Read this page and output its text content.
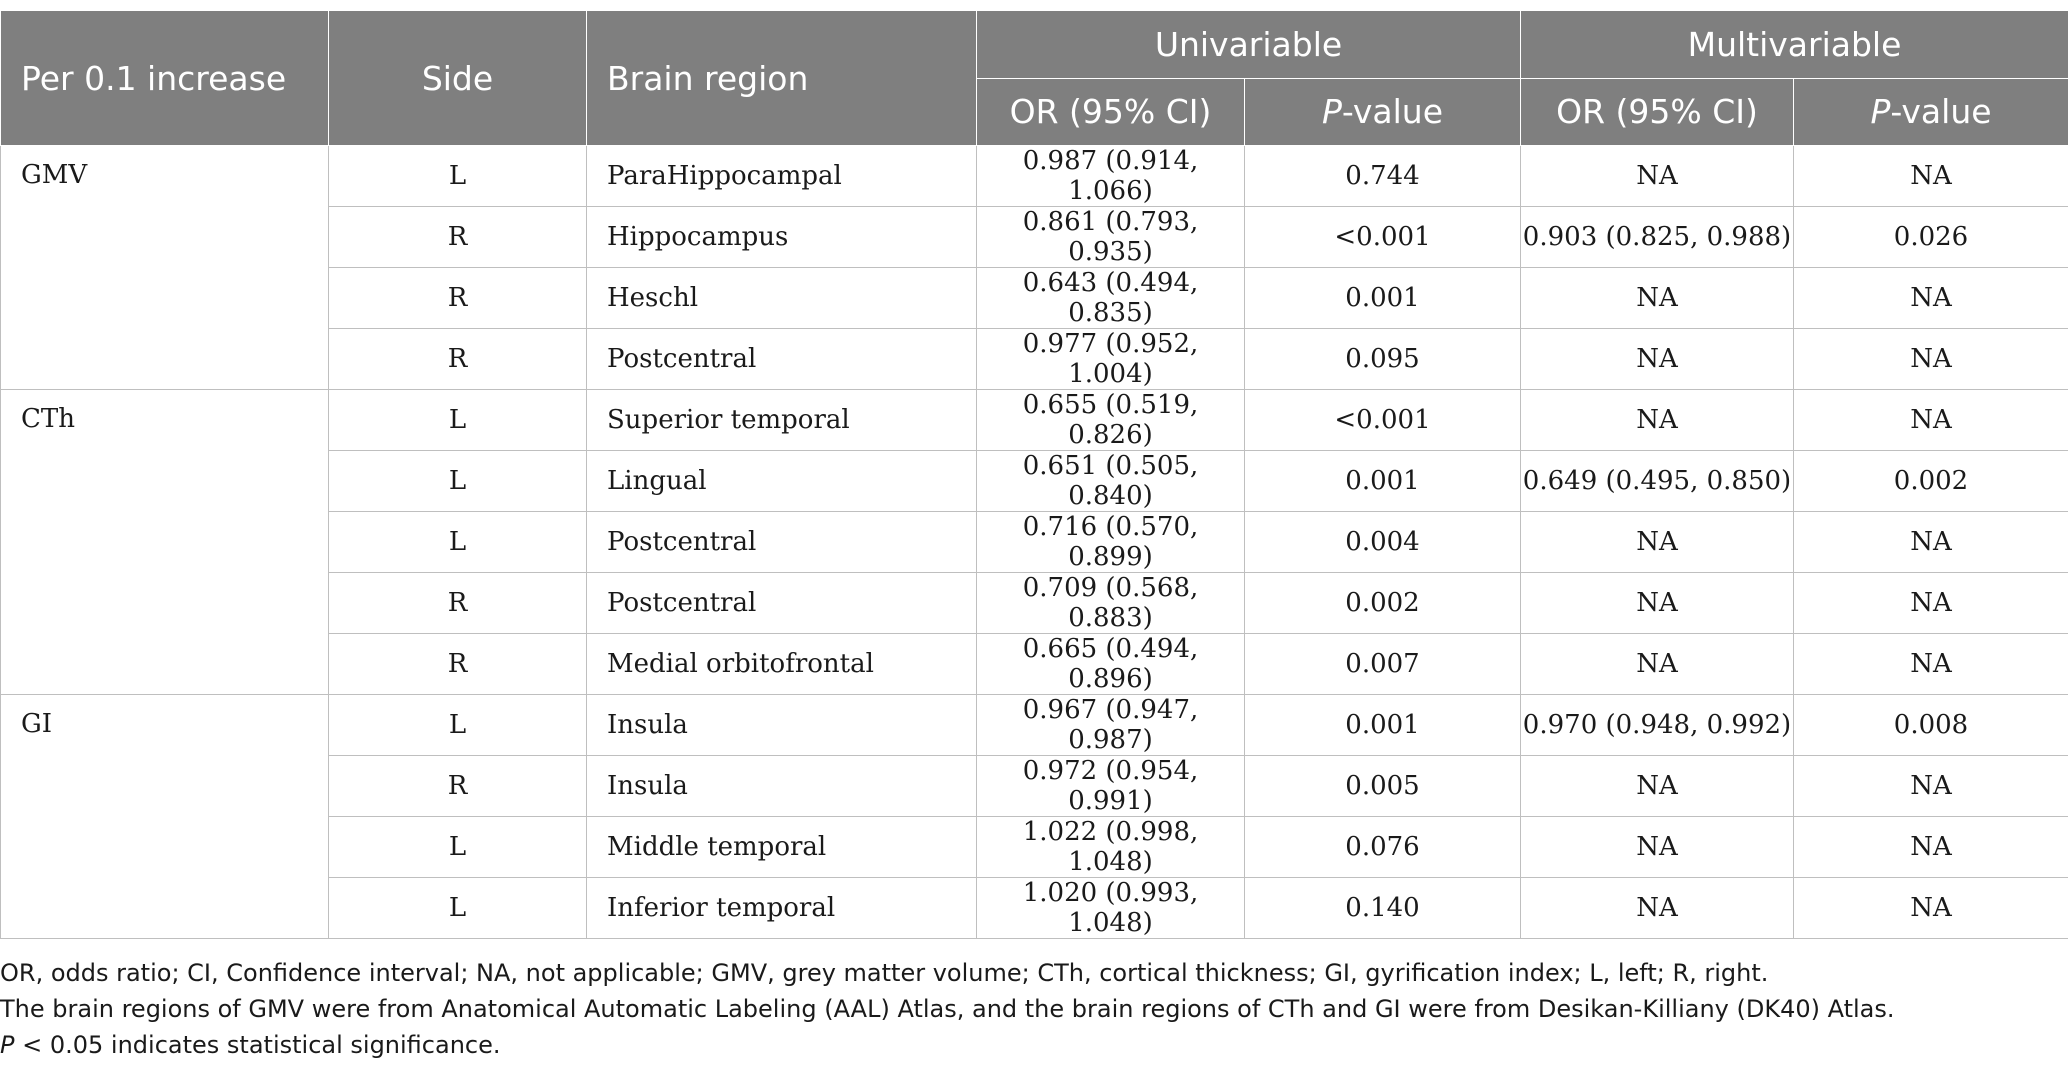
Per 0.1 increase	Side	Brain region	Univariable		Multivariable	
			OR (95% CI)	P-value	OR (95% CI)	P-value
GMV	L	ParaHippocampal	0.987 (0.914, 1.066)	0.744	NA	NA
	R	Hippocampus	0.861 (0.793, 0.935)	<0.001	0.903 (0.825, 0.988)	0.026
	R	Heschl	0.643 (0.494, 0.835)	0.001	NA	NA
	R	Postcentral	0.977 (0.952, 1.004)	0.095	NA	NA
CTh	L	Superior temporal	0.655 (0.519, 0.826)	<0.001	NA	NA
	L	Lingual	0.651 (0.505, 0.840)	0.001	0.649 (0.495, 0.850)	0.002
	L	Postcentral	0.716 (0.570, 0.899)	0.004	NA	NA
	R	Postcentral	0.709 (0.568, 0.883)	0.002	NA	NA
	R	Medial orbitofrontal	0.665 (0.494, 0.896)	0.007	NA	NA
GI	L	Insula	0.967 (0.947, 0.987)	0.001	0.970 (0.948, 0.992)	0.008
	R	Insula	0.972 (0.954, 0.991)	0.005	NA	NA
	L	Middle temporal	1.022 (0.998, 1.048)	0.076	NA	NA
	L	Inferior temporal	1.020 (0.993, 1.048)	0.140	NA	NA

OR, odds ratio; CI, Confidence interval; NA, not applicable; GMV, grey matter volume; CTh, cortical thickness; GI, gyrification index; L, left; R, right.

The brain regions of GMV were from Anatomical Automatic Labeling (AAL) Atlas, and the brain regions of CTh and GI were from Desikan-Killiany (DK40) Atlas.

P < 0.05 indicates statistical significance.
